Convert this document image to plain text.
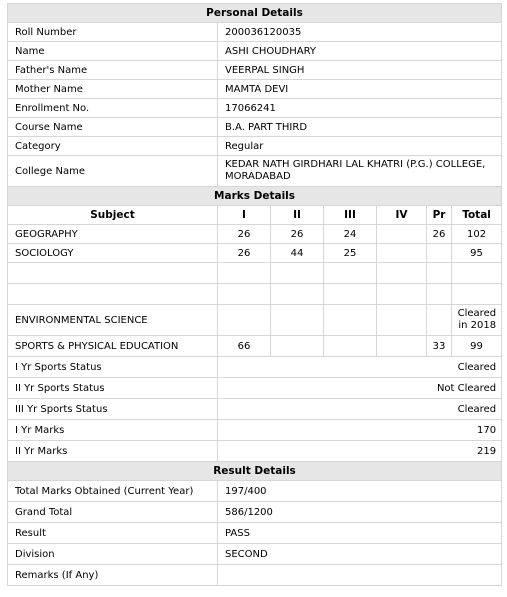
Personal Details	
Roll Number	200036120035
Name	ASHI CHOUDHARY
Father's Name	VEERPAL SINGH
Mother Name	MAMTA DEVI
Enrollment No.	17066241
Course Name	B.A. PART THIRD
Category	Regular
College Name	KEDAR NATH GIRDHARI LAL KHATRI (P.G.) COLLEGE, MORADABAD
Marks Details						
Subject	I	II	III	IV	Pr	Total
GEOGRAPHY	26	26	24		26	102
SOCIOLOGY	26	44	25			95

ENVIRONMENTAL SCIENCE						Cleared in 2018
SPORTS & PHYSICAL EDUCATION	66				33	99
I Yr Sports Status	Cleared					
II Yr Sports Status	Not Cleared					
III Yr Sports Status	Cleared					
I Yr Marks	170					
II Yr Marks	219					
Result Details	
Total Marks Obtained (Current Year)	197/400
Grand Total	586/1200
Result	PASS
Division	SECOND
Remarks (If Any)	
